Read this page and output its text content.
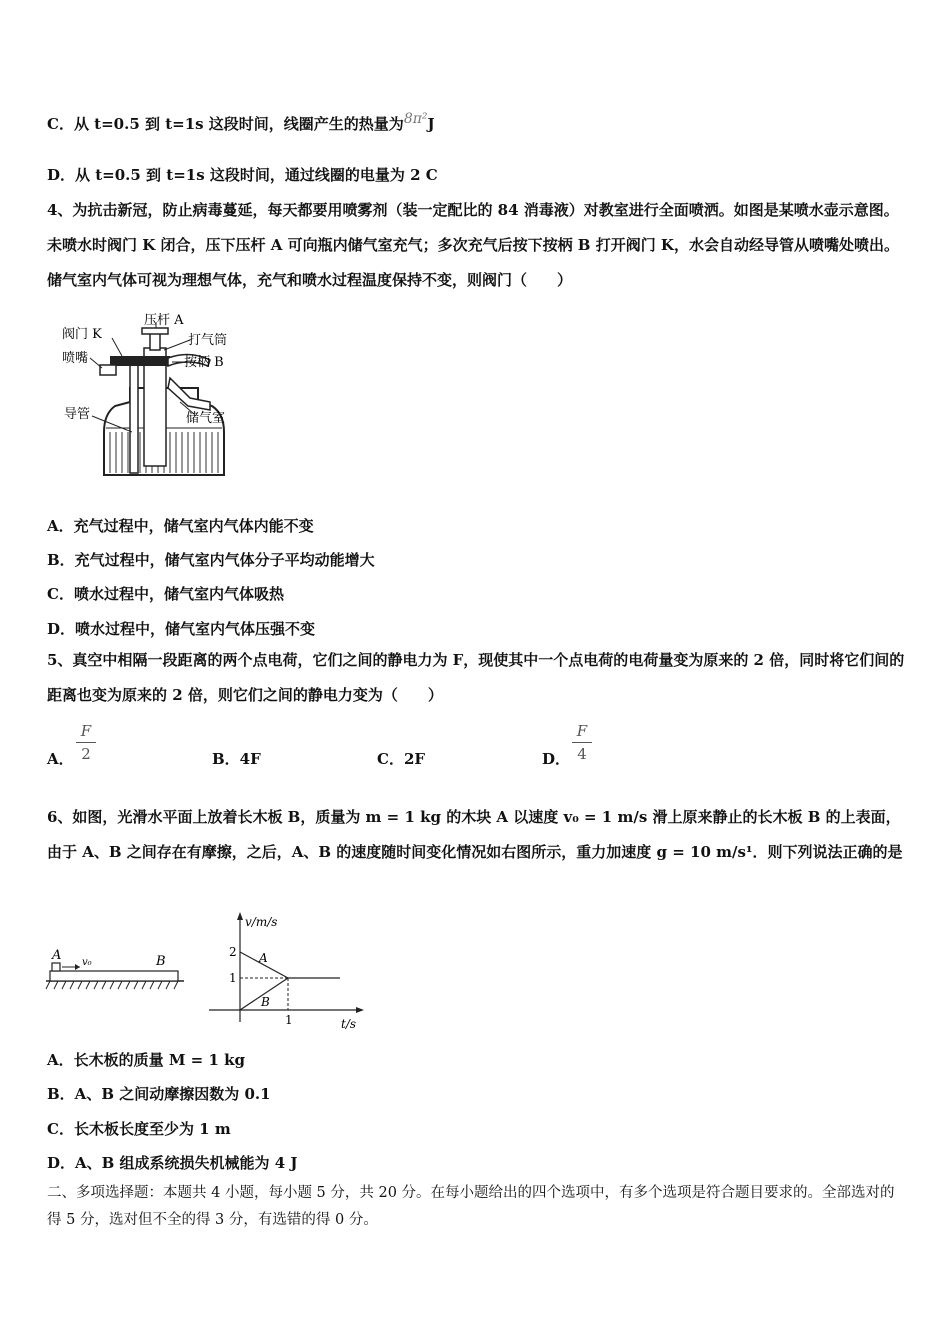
C．从 t=0.5 到 t=1s 这段时间，线圈产生的热量为8π²J
D．从 t=0.5 到 t=1s 这段时间，通过线圈的电量为 2 C
4、为抗击新冠，防止病毒蔓延，每天都要用喷雾剂（装一定配比的 84 消毒液）对教室进行全面喷洒。如图是某喷水壶示意图。未喷水时阀门 K 闭合，压下压杆 A 可向瓶内储气室充气；多次充气后按下按柄 B 打开阀门 K，水会自动经导管从喷嘴处喷出。储气室内气体可视为理想气体，充气和喷水过程温度保持不变，则阀门（　　）
阀门 K
喷嘴
压杆 A
打气筒
按柄 B
导管	储气室
A．充气过程中，储气室内气体内能不变
B．充气过程中，储气室内气体分子平均动能增大
C．喷水过程中，储气室内气体吸热
D．喷水过程中，储气室内气体压强不变
5、真空中相隔一段距离的两个点电荷，它们之间的静电力为 F，现使其中一个点电荷的电荷量变为原来的 2 倍，同时将它们间的距离也变为原来的 2 倍，则它们之间的静电力变为（　　）
A．
F
2	B．4F	C．2F	D．
F
4
6、如图，光滑水平面上放着长木板 B，质量为 m = 1 kg 的木块 A 以速度 v₀ = 1 m/s 滑上原来静止的长木板 B 的上表面，由于 A、B 之间存在有摩擦，之后，A、B 的速度随时间变化情况如右图所示，重力加速度 g = 10 m/s¹．则下列说法正确的是
A v₀	B
v/m/s
t/s
2
1
1
A
B
A．长木板的质量 M = 1 kg
B．A、B 之间动摩擦因数为 0.1
C．长木板长度至少为 1 m
D．A、B 组成系统损失机械能为 4 J
二、多项选择题：本题共 4 小题，每小题 5 分，共 20 分。在每小题给出的四个选项中，有多个选项是符合题目要求的。全部选对的得 5 分，选对但不全的得 3 分，有选错的得 0 分。
